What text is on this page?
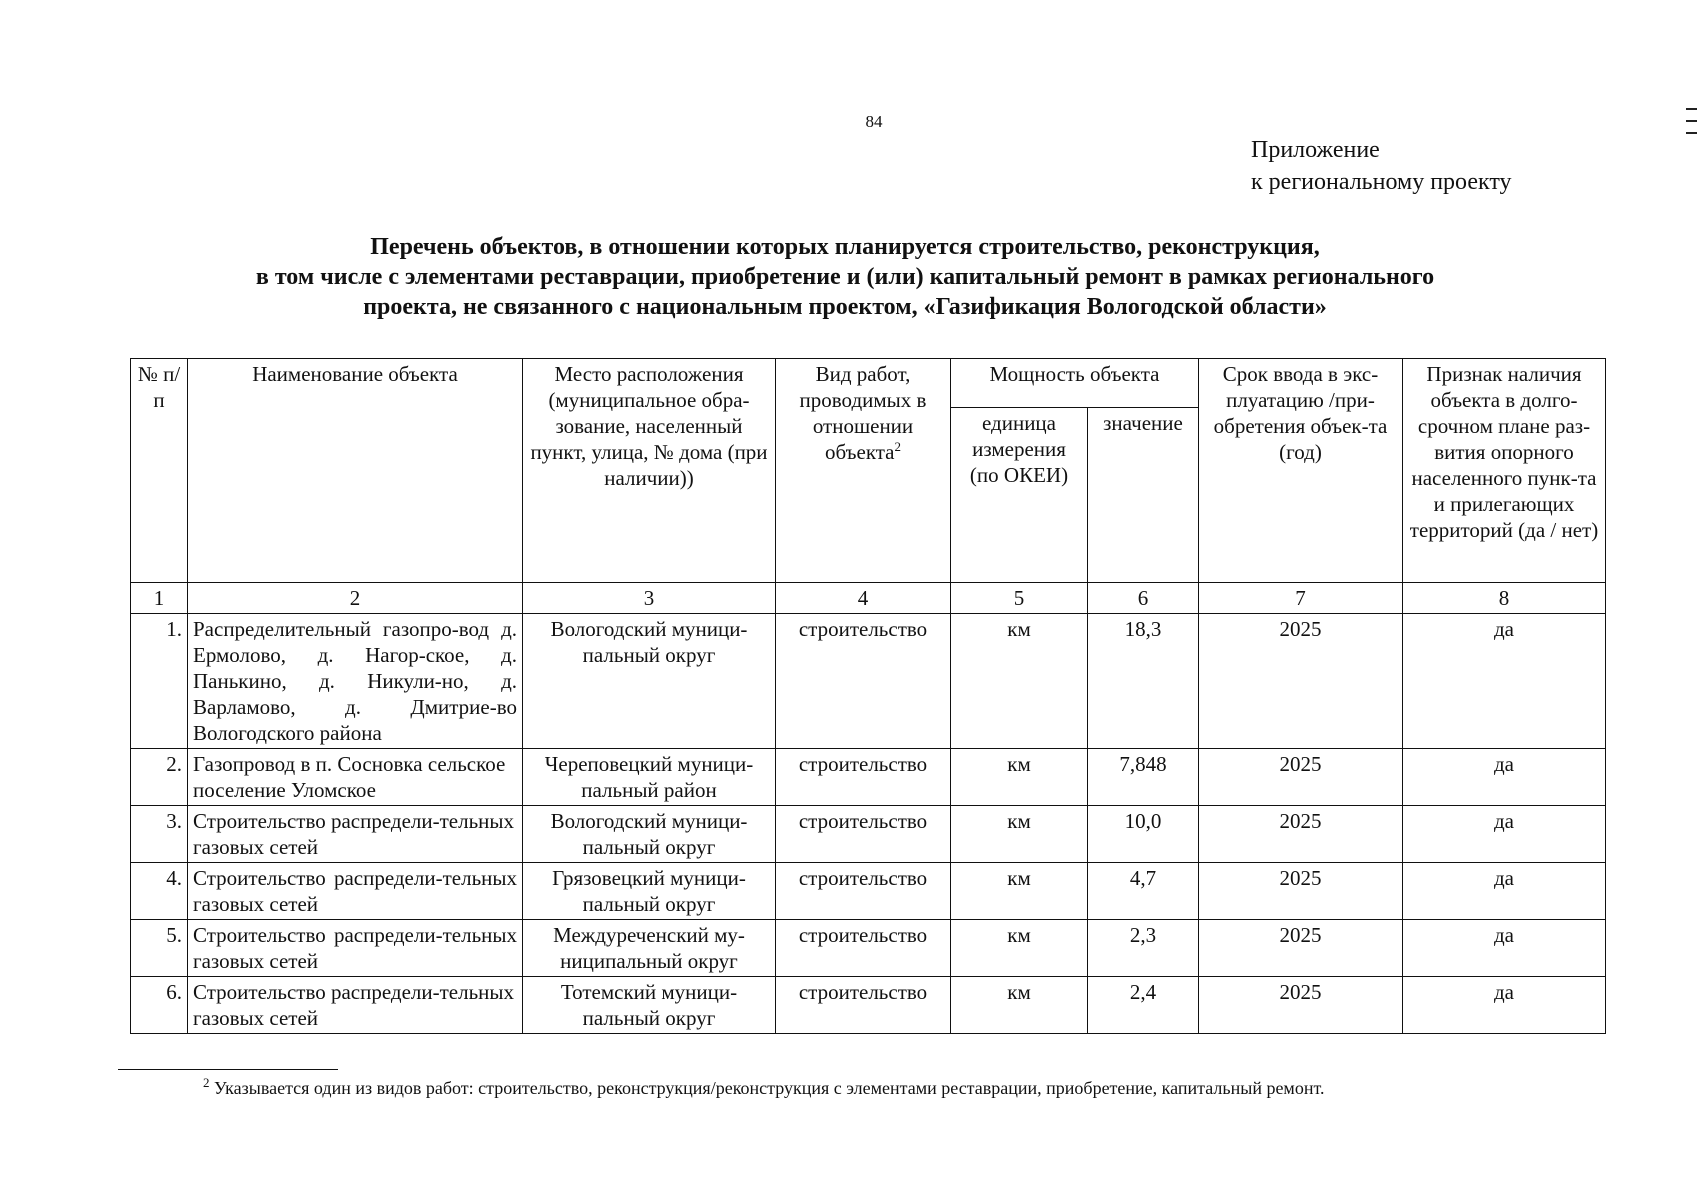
84
Приложение
к региональному проекту
Перечень объектов, в отношении которых планируется строительство, реконструкция,
в том числе с элементами реставрации, приобретение и (или) капитальный ремонт в рамках регионального
проекта, не связанного с национальным проектом, «Газификация Вологодской области»
№ п/п	Наименование объекта	Место расположения (муниципальное обра-зование, населенный пункт, улица, № дома (при наличии))	Вид работ, проводимых в отношении объекта$^2$	Мощность объекта		Срок ввода в экс-плуатацию /при-обретения объек-та (год)	Признак наличия объекта в долго-срочном плане раз-вития опорного населенного пунк-та и прилегающих территорий (да / нет)
				единица измерения (по ОКЕИ)	значение		
1	2	3	4	5	6	7	8
1.	Распределительный газопро-вод д. Ермолово, д. Нагор-ское, д. Панькино, д. Никули-но, д. Варламово, д. Дмитрие-во Вологодского района	Вологодский муници-пальный округ	строительство	км	18,3	2025	да
2.	Газопровод в п. Сосновка сельское поселение Уломское	Череповецкий муници-пальный район	строительство	км	7,848	2025	да
3.	Строительство распредели-тельных газовых сетей	Вологодский муници-пальный округ	строительство	км	10,0	2025	да
4.	Строительство распредели-тельных газовых сетей	Грязовецкий муници-пальный округ	строительство	км	4,7	2025	да
5.	Строительство распредели-тельных газовых сетей	Междуреченский му-ниципальный округ	строительство	км	2,3	2025	да
6.	Строительство распредели-тельных газовых сетей	Тотемский муници-пальный округ	строительство	км	2,4	2025	да
$^2$ Указывается один из видов работ: строительство, реконструкция/реконструкция с элементами реставрации, приобретение, капитальный ремонт.
